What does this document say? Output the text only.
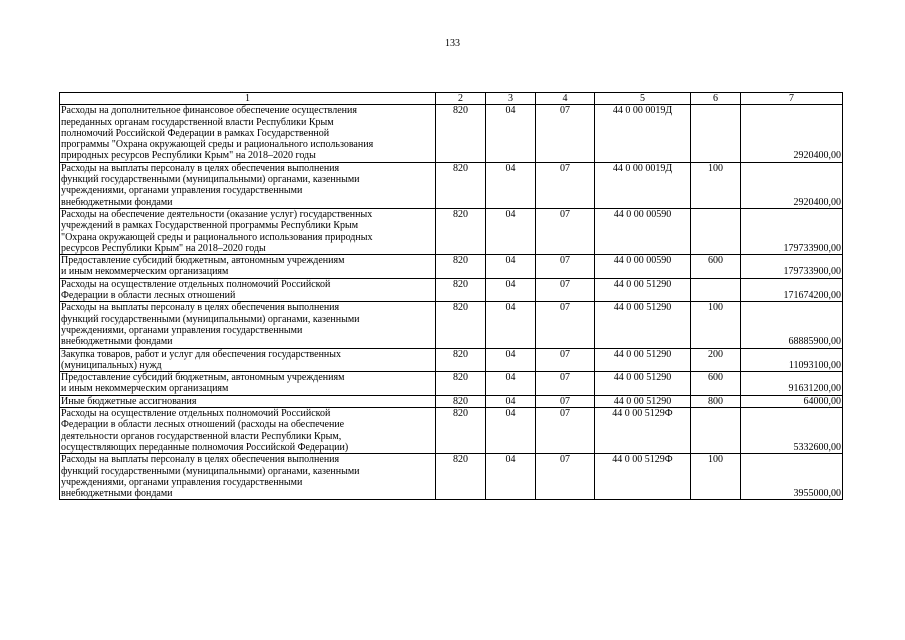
133
1	2	3	4	5	6	7

Расходы на дополнительное финансовое обеспечение осуществления
переданных органам государственной власти Республики Крым
полномочий Российской Федерации в рамках Государственной
программы "Охрана окружающей среды и рационального использования
природных ресурсов Республики Крым" на 2018–2020 годы	820	04	07	44 0 00 0019Д		2920400,00

Расходы на выплаты персоналу в целях обеспечения выполнения
функций государственными (муниципальными) органами, казенными
учреждениями, органами управления государственными
внебюджетными фондами	820	04	07	44 0 00 0019Д	100	2920400,00

Расходы на обеспечение деятельности (оказание услуг) государственных
учреждений в рамках Государственной программы Республики Крым
"Охрана окружающей среды и рационального использования природных
ресурсов Республики Крым" на 2018–2020 годы	820	04	07	44 0 00 00590		179733900,00

Предоставление субсидий бюджетным, автономным учреждениям
и иным некоммерческим организациям	820	04	07	44 0 00 00590	600	179733900,00

Расходы на осуществление отдельных полномочий Российской
Федерации в области лесных отношений	820	04	07	44 0 00 51290		171674200,00

Расходы на выплаты персоналу в целях обеспечения выполнения
функций государственными (муниципальными) органами, казенными
учреждениями, органами управления государственными
внебюджетными фондами	820	04	07	44 0 00 51290	100	68885900,00

Закупка товаров, работ и услуг для обеспечения государственных
(муниципальных) нужд	820	04	07	44 0 00 51290	200	11093100,00

Предоставление субсидий бюджетным, автономным учреждениям
и иным некоммерческим организациям	820	04	07	44 0 00 51290	600	91631200,00

Иные бюджетные ассигнования	820	04	07	44 0 00 51290	800	64000,00

Расходы на осуществление отдельных полномочий Российской
Федерации в области лесных отношений (расходы на обеспечение
деятельности органов государственной власти Республики Крым,
осуществляющих переданные полномочия Российской Федерации)	820	04	07	44 0 00 5129Ф		5332600,00

Расходы на выплаты персоналу в целях обеспечения выполнения
функций государственными (муниципальными) органами, казенными
учреждениями, органами управления государственными
внебюджетными фондами	820	04	07	44 0 00 5129Ф	100	3955000,00
